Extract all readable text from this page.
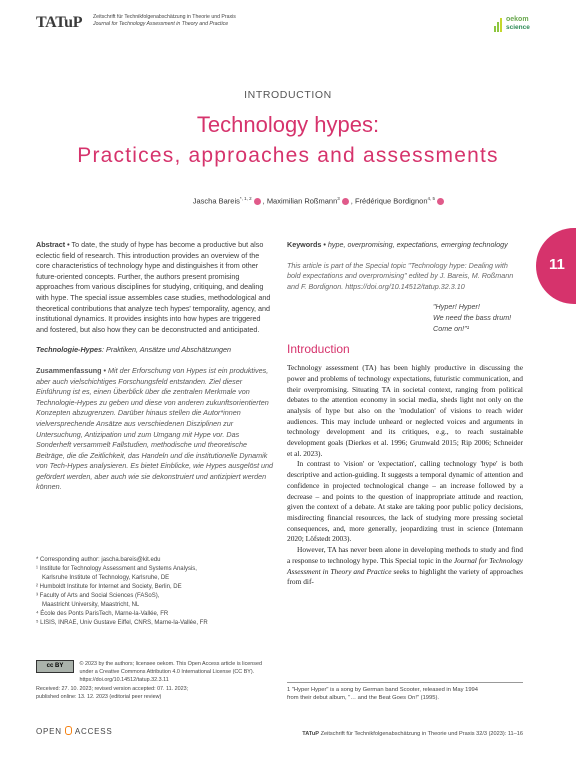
TATuP Zeitschrift für Technikfolgenabschätzung in Theorie und Praxis
Journal for Technology Assessment in Theory and Practice
oekom
science
INTRODUCTION
Technology hypes:
Practices, approaches and assessments
Jascha Bareis$^{*, 1, 2}$ , Maximilian Roßmann$^3$ , Frédérique Bordignon$^{4, 5}$
11
Abstract • To date, the study of hype has become a productive but also eclectic field of research. This introduction provides an overview of the core characteristics of technology hype and distinguishes it from other future-oriented concepts. Further, the authors present promising approaches from various disciplines for studying, critiquing, and dealing with hype. The special issue assembles case studies, methodological and theoretical contributions that analyze tech hypes' temporality, agency, and institutional dynamics. It provides insights into how hypes are triggered and fostered, but also how they can be deconstructed and anticipated.
Technologie-Hypes: Praktiken, Ansätze und Abschätzungen
Zusammenfassung • Mit der Erforschung von Hypes ist ein produktives, aber auch vielschichtiges Forschungsfeld entstanden. Ziel dieser Einführung ist es, einen Überblick über die zentralen Merkmale von Technologie-Hypes zu geben und diese von anderen zukunftsorientierten Konzepten abzugrenzen. Darüber hinaus stellen die Autor*innen vielversprechende Ansätze aus verschiedenen Disziplinen zur Untersuchung, Antizipation und zum Umgang mit Hype vor. Das Sonderheft versammelt Fallstudien, methodische und theoretische Beiträge, die die Zeitlichkeit, das Handeln und die institutionelle Dynamik von Tech-Hypes analysieren. Es bietet Einblicke, wie Hypes ausgelöst und gefördert werden, aber auch wie sie dekonstruiert und antizipiert werden können.
* Corresponding author: jascha.bareis@kit.edu
¹ Institute for Technology Assessment and Systems Analysis,
Karlsruhe Institute of Technology, Karlsruhe, DE
² Humboldt Institute for Internet and Society, Berlin, DE
³ Faculty of Arts and Social Sciences (FASoS),
Maastricht University, Maastricht, NL
⁴ École des Ponts ParisTech, Marne-la-Vallée, FR
⁵ LISIS, INRAE, Univ Gustave Eiffel, CNRS, Marne-la-Vallée, FR
cc BY	© 2023 by the authors; licensee oekom. This Open Access article is licensed
under a Creative Commons Attribution 4.0 International License (CC BY).
https://doi.org/10.14512/tatup.32.3.11
Received: 27. 10. 2023; revised version accepted: 07. 11. 2023;
published online: 13. 12. 2023 (editorial peer review)
OPEN ACCESS
Keywords • hype, overpromising, expectations, emerging technology
This article is part of the Special topic "Technology hype: Dealing with bold expectations and overpromising" edited by J. Bareis, M. Roßmann and F. Bordignon. https://doi.org/10.14512/tatup.32.3.10
"Hyper! Hyper!
We need the bass drum!
Come on!"¹
Introduction

Technology assessment (TA) has been highly productive in discussing the power and problems of technology expectations, futuristic communication, and their overpromising. Situating TA in societal context, ranging from political debates to the attention economy in social media, sheds light not only on the analysis of hype but also on the 'modulation' of visions to reach wider audiences. This may include unheard or neglected voices and arguments in technology development and its critiques, e.g., to reach sustainable development goals (Dierkes et al. 1996; Grunwald 2015; Rip 2006; Schneider et al. 2023).

In contrast to 'vision' or 'expectation', calling technology 'hype' is both descriptive and action-guiding. It suggests a temporal dynamic of attention and confidence in projected technological change – an increase followed by a decrease – and points to the question of inappropriate attitude and reaction, given the context of a debate. At stake are taking poor public policy decisions, misdirecting financial resources, the lack of studying more pressing societal consequences, and, more generally, jeopardizing trust in science (Intemann 2020; Löfstedt 2003).

However, TA has never been alone in developing methods to study and find a response to technology hype. This Special topic in the Journal for Technology Assessment in Theory and Practice seeks to highlight the variety of approaches from dif-

1 "Hyper Hyper" is a song by German band Scooter, released in May 1994
from their debut album, "… and the Beat Goes On!" (1995).
TATuP Zeitschrift für Technikfolgenabschätzung in Theorie und Praxis 32/3 (2023): 11–16
